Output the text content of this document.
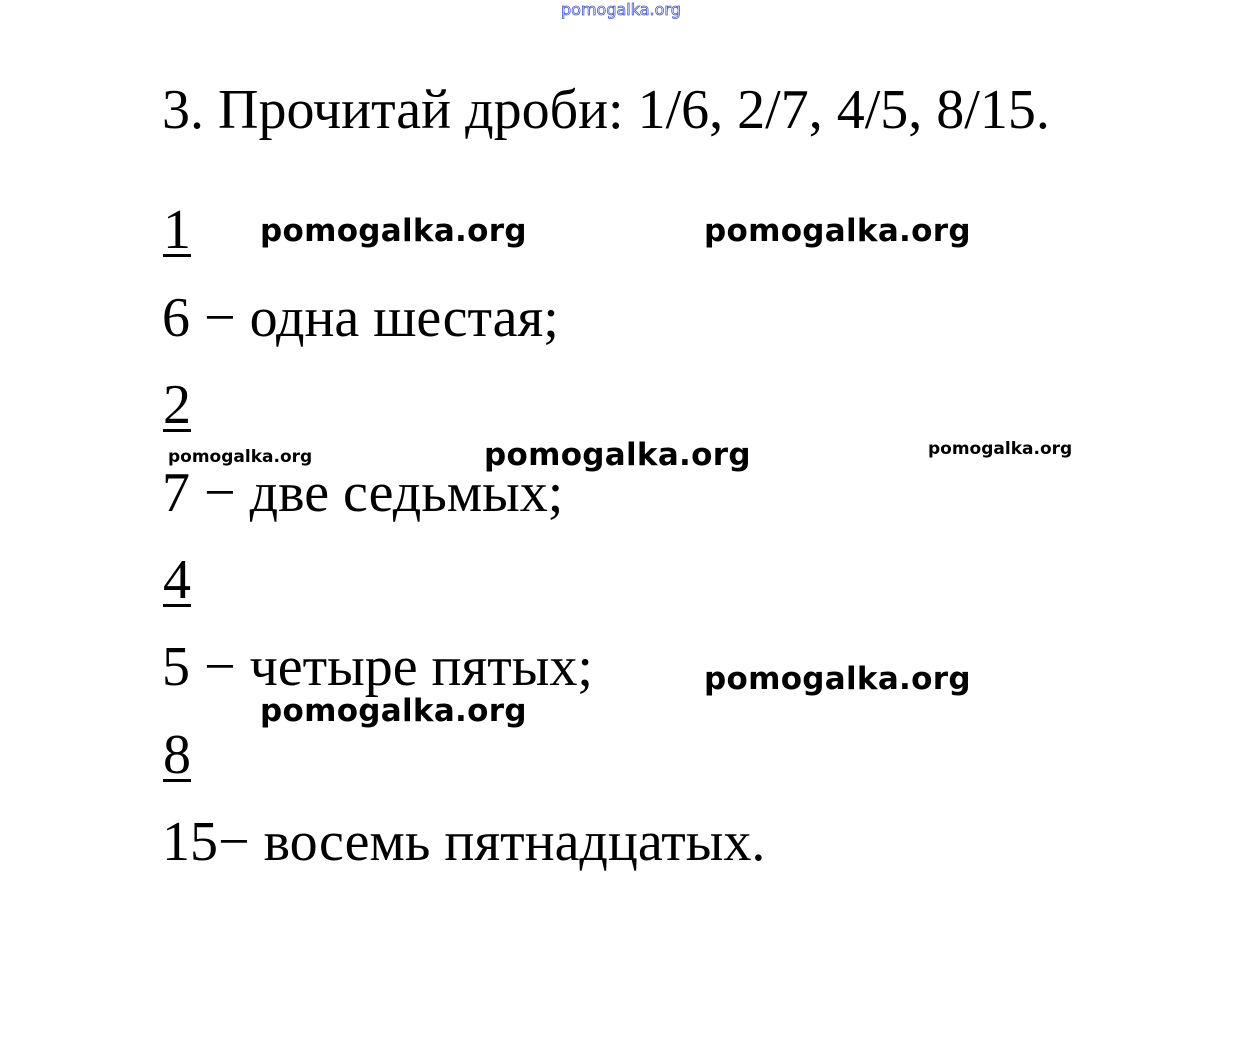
pomogalka.org
3. Прочитай дроби: 1/6, 2/7, 4/5, 8/15.
1
6 − одна шестая;
2
7 − две седьмых;
4
5 − четыре пятых;
8
15− восемь пятнадцатых.
pomogalka.org	pomogalka.org
pomogalka.org	pomogalka.org	pomogalka.org
pomogalka.org
pomogalka.org
